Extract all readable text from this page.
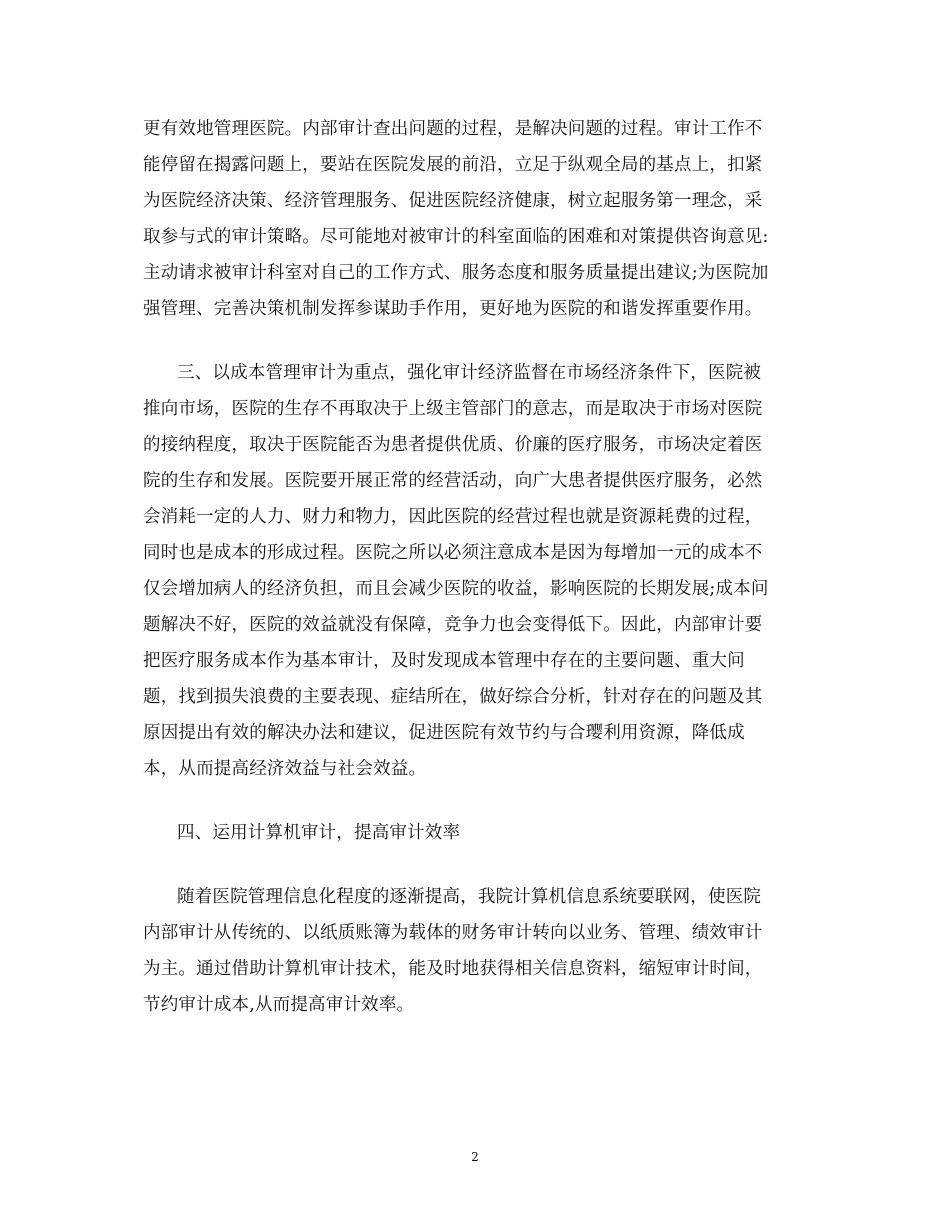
更有效地管理医院。内部审计查出问题的过程，是解决问题的过程。审计工作不

能停留在揭露问题上，要站在医院发展的前沿，立足于纵观全局的基点上，扣紧

为医院经济决策、经济管理服务、促进医院经济健康，树立起服务第一理念，采

取参与式的审计策略。尽可能地对被审计的科室面临的困难和对策提供咨询意见:

主动请求被审计科室对自己的工作方式、服务态度和服务质量提出建议;为医院加

强管理、完善决策机制发挥参谋助手作用，更好地为医院的和谐发挥重要作用。

三、以成本管理审计为重点，强化审计经济监督在市场经济条件下，医院被

推向市场，医院的生存不再取决于上级主管部门的意志，而是取决于市场对医院

的接纳程度，取决于医院能否为患者提供优质、价廉的医疗服务，市场决定着医

院的生存和发展。医院要开展正常的经营活动，向广大患者提供医疗服务，必然

会消耗一定的人力、财力和物力，因此医院的经营过程也就是资源耗费的过程，

同时也是成本的形成过程。医院之所以必须注意成本是因为每增加一元的成本不

仅会增加病人的经济负担，而且会减少医院的收益，影响医院的长期发展;成本问

题解决不好，医院的效益就没有保障，竞争力也会变得低下。因此，内部审计要

把医疗服务成本作为基本审计，及时发现成本管理中存在的主要问题、重大问

题，找到损失浪费的主要表现、症结所在，做好综合分析，针对存在的问题及其

原因提出有效的解决办法和建议，促进医院有效节约与合璎利用资源，降低成

本，从而提高经济效益与社会效益。

四、运用计算机审计，提高审计效率

随着医院管理信息化程度的逐渐提高，我院计算机信息系统要联网，使医院

内部审计从传统的、以纸质账簿为载体的财务审计转向以业务、管理、绩效审计

为主。通过借助计算机审计技术，能及时地获得相关信息资料，缩短审计时间，

节约审计成本,从而提高审计效率。

2
